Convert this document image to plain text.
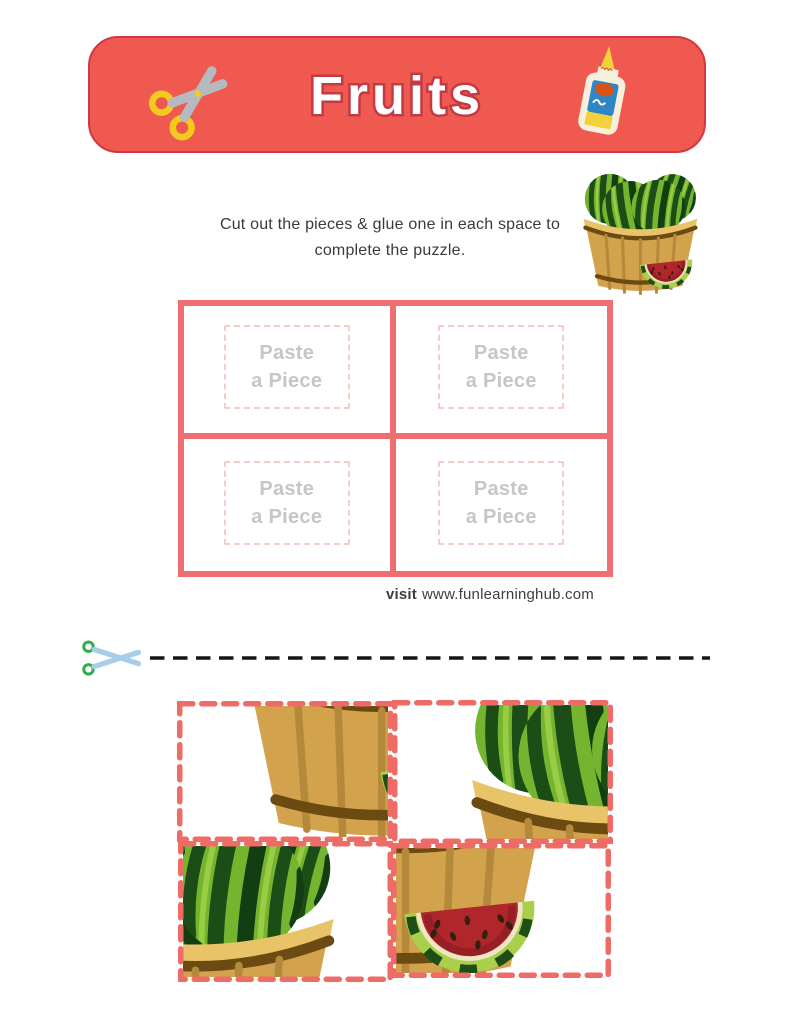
Fruits
Cut out the pieces & glue one in each space to
complete the puzzle.
Paste
a Piece
Paste
a Piece
Paste
a Piece
Paste
a Piece
visit www.funlearninghub.com
